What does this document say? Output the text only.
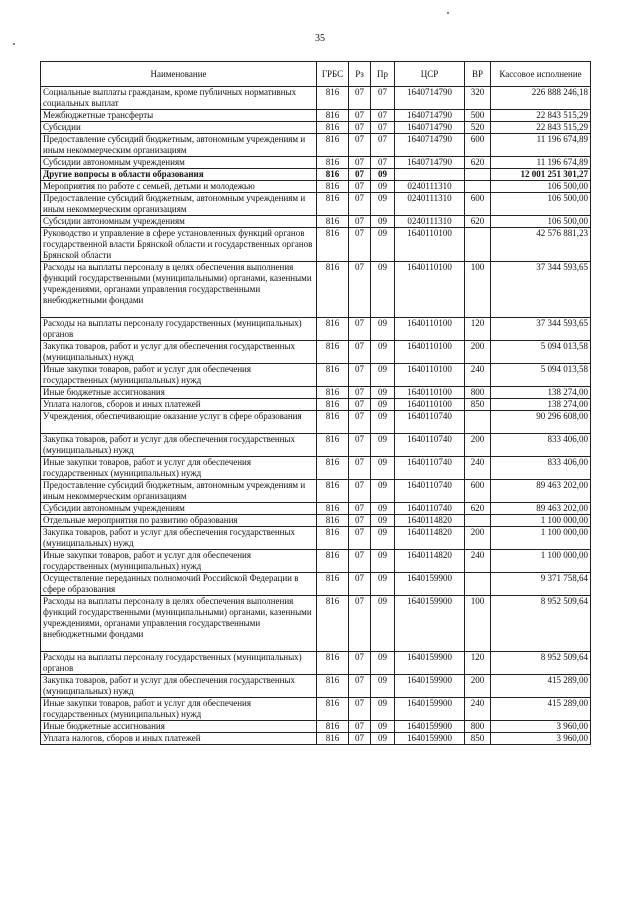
35
Наименование	ГРБС	Рз	Пр	ЦСР	ВР	Кассовое исполнение
Социальные выплаты гражданам, кроме публичных нормативных социальных выплат	816	07	07	1640714790	320	226 888 246,18
Межбюджетные трансферты	816	07	07	1640714790	500	22 843 515,29
Субсидии	816	07	07	1640714790	520	22 843 515,29
Предоставление субсидий бюджетным, автономным учреждениям и иным некоммерческим организациям	816	07	07	1640714790	600	11 196 674,89
Субсидии автономным учреждениям	816	07	07	1640714790	620	11 196 674,89
Другие вопросы в области образования	816	07	09			12 001 251 301,27
Мероприятия по работе с семьей, детьми и молодежью	816	07	09	0240111310		106 500,00
Предоставление субсидий бюджетным, автономным учреждениям и иным некоммерческим организациям	816	07	09	0240111310	600	106 500,00
Субсидии автономным учреждениям	816	07	09	0240111310	620	106 500,00
Руководство и управление в сфере установленных функций органов государственной власти Брянской области и государственных органов Брянской области	816	07	09	1640110100		42 576 881,23
Расходы на выплаты персоналу в целях обеспечения выполнения функций государственными (муниципальными) органами, казенными учреждениями, органами управления государственными внебюджетными фондами	816	07	09	1640110100	100	37 344 593,65
Расходы на выплаты персоналу государственных (муниципальных) органов	816	07	09	1640110100	120	37 344 593,65
Закупка товаров, работ и услуг для обеспечения государственных (муниципальных) нужд	816	07	09	1640110100	200	5 094 013,58
Иные закупки товаров, работ и услуг для обеспечения государственных (муниципальных) нужд	816	07	09	1640110100	240	5 094 013,58
Иные бюджетные ассигнования	816	07	09	1640110100	800	138 274,00
Уплата налогов, сборов и иных платежей	816	07	09	1640110100	850	138 274,00
Учреждения, обеспечивающие оказание услуг в сфере образования	816	07	09	1640110740		90 296 608,00
Закупка товаров, работ и услуг для обеспечения государственных (муниципальных) нужд	816	07	09	1640110740	200	833 406,00
Иные закупки товаров, работ и услуг для обеспечения государственных (муниципальных) нужд	816	07	09	1640110740	240	833 406,00
Предоставление субсидий бюджетным, автономным учреждениям и иным некоммерческим организациям	816	07	09	1640110740	600	89 463 202,00
Субсидии автономным учреждениям	816	07	09	1640110740	620	89 463 202,00
Отдельные мероприятия по развитию образования	816	07	09	1640114820		1 100 000,00
Закупка товаров, работ и услуг для обеспечения государственных (муниципальных) нужд	816	07	09	1640114820	200	1 100 000,00
Иные закупки товаров, работ и услуг для обеспечения государственных (муниципальных) нужд	816	07	09	1640114820	240	1 100 000,00
Осуществление переданных полномочий Российской Федерации в сфере образования	816	07	09	1640159900		9 371 758,64
Расходы на выплаты персоналу в целях обеспечения выполнения функций государственными (муниципальными) органами, казенными учреждениями, органами управления государственными внебюджетными фондами	816	07	09	1640159900	100	8 952 509,64
Расходы на выплаты персоналу государственных (муниципальных) органов	816	07	09	1640159900	120	8 952 509,64
Закупка товаров, работ и услуг для обеспечения государственных (муниципальных) нужд	816	07	09	1640159900	200	415 289,00
Иные закупки товаров, работ и услуг для обеспечения государственных (муниципальных) нужд	816	07	09	1640159900	240	415 289,00
Иные бюджетные ассигнования	816	07	09	1640159900	800	3 960,00
Уплата налогов, сборов и иных платежей	816	07	09	1640159900	850	3 960,00
